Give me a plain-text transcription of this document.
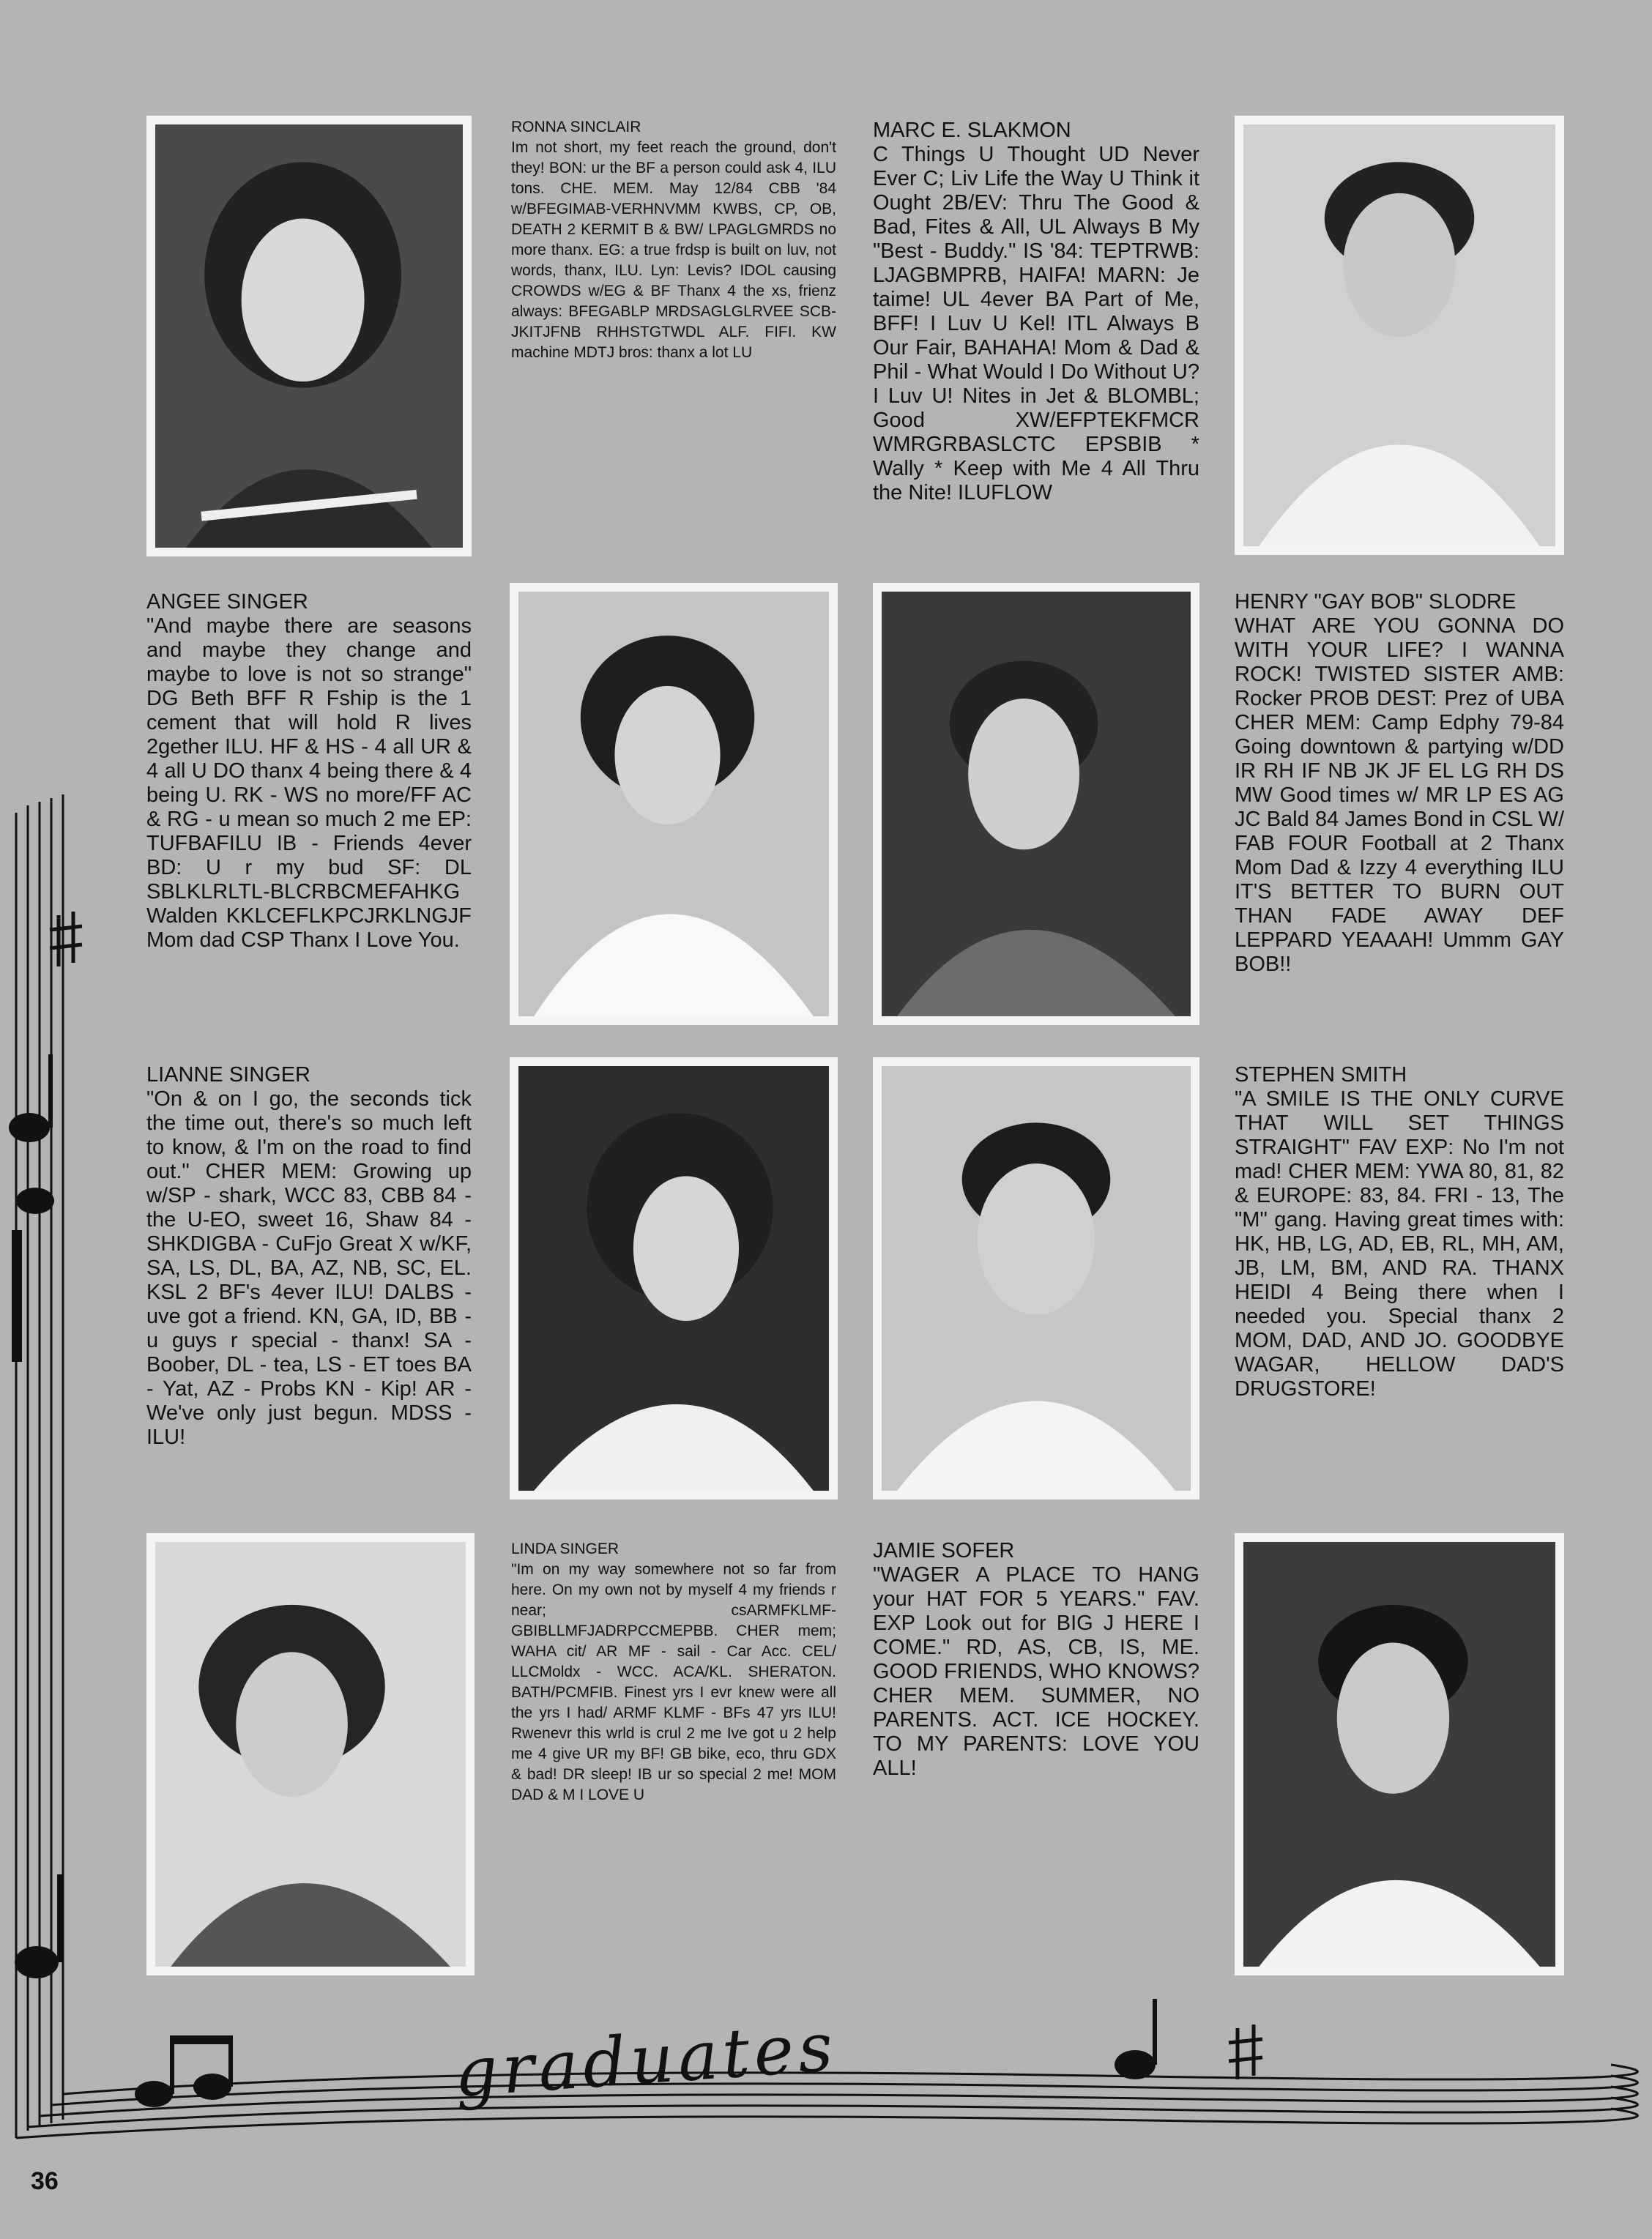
graduates
RONNA SINCLAIR
Im not short, my feet reach the ground, don't they! BON: ur the BF a person could ask 4, ILU tons. CHE. MEM. May 12/84 CBB '84 w/BFEGIMAB-VERHNVMM KWBS, CP, OB, DEATH 2 KERMIT B & BW/ LPAGLGMRDS no more thanx. EG: a true frdsp is built on luv, not words, thanx, ILU. Lyn: Levis? IDOL causing CROWDS w/EG & BF Thanx 4 the xs, frienz always: BFEGABLP MRDSAGLGLRVEE SCB-JKITJFNB RHHSTGTWDL ALF. FIFI. KW machine MDTJ bros: thanx a lot LU
MARC E. SLAKMON
C Things U Thought UD Never Ever C; Liv Life the Way U Think it Ought 2B/EV: Thru The Good & Bad, Fites & All, UL Always B My "Best - Buddy." IS '84: TEPTRWB: LJAGBMPRB, HAIFA! MARN: Je taime! UL 4ever BA Part of Me, BFF! I Luv U Kel! ITL Always B Our Fair, BAHAHA! Mom & Dad & Phil - What Would I Do Without U? I Luv U! Nites in Jet & BLOMBL; Good XW/EFPTEKFMCR WMRGRBASLCTC EPSBIB * Wally * Keep with Me 4 All Thru the Nite! ILUFLOW
ANGEE SINGER
"And maybe there are seasons and maybe they change and maybe to love is not so strange" DG Beth BFF R Fship is the 1 cement that will hold R lives 2gether ILU. HF & HS - 4 all UR & 4 all U DO thanx 4 being there & 4 being U. RK - WS no more/FF AC & RG - u mean so much 2 me EP: TUFBAFILU IB - Friends 4ever BD: U r my bud SF: DL SBLKLRLTL-BLCRBCMEFAHKG Walden KKLCEFLKPCJRKLNGJF Mom dad CSP Thanx I Love You.
HENRY "GAY BOB" SLODRE
WHAT ARE YOU GONNA DO WITH YOUR LIFE? I WANNA ROCK! TWISTED SISTER AMB: Rocker PROB DEST: Prez of UBA CHER MEM: Camp Edphy 79-84 Going downtown & partying w/DD IR RH IF NB JK JF EL LG RH DS MW Good times w/ MR LP ES AG JC Bald 84 James Bond in CSL W/ FAB FOUR Football at 2 Thanx Mom Dad & Izzy 4 everything ILU IT'S BETTER TO BURN OUT THAN FADE AWAY DEF LEPPARD YEAAAH! Ummm GAY BOB!!
LIANNE SINGER
"On & on I go, the seconds tick the time out, there's so much left to know, & I'm on the road to find out." CHER MEM: Growing up w/SP - shark, WCC 83, CBB 84 - the U-EO, sweet 16, Shaw 84 - SHKDIGBA - CuFjo Great X w/KF, SA, LS, DL, BA, AZ, NB, SC, EL. KSL 2 BF's 4ever ILU! DALBS - uve got a friend. KN, GA, ID, BB - u guys r special - thanx! SA - Boober, DL - tea, LS - ET toes BA - Yat, AZ - Probs KN - Kip! AR - We've only just begun. MDSS - ILU!
STEPHEN SMITH
"A SMILE IS THE ONLY CURVE THAT WILL SET THINGS STRAIGHT" FAV EXP: No I'm not mad! CHER MEM: YWA 80, 81, 82 & EUROPE: 83, 84. FRI - 13, The "M" gang. Having great times with: HK, HB, LG, AD, EB, RL, MH, AM, JB, LM, BM, AND RA. THANX HEIDI 4 Being there when I needed you. Special thanx 2 MOM, DAD, AND JO. GOODBYE WAGAR, HELLOW DAD'S DRUGSTORE!
LINDA SINGER
"Im on my way somewhere not so far from here. On my own not by myself 4 my friends r near; csARMFKLMF-GBIBLLMFJADRPCCMEPBB. CHER mem; WAHA cit/ AR MF - sail - Car Acc. CEL/ LLCMoldx - WCC. ACA/KL. SHERATON. BATH/PCMFIB. Finest yrs I evr knew were all the yrs I had/ ARMF KLMF - BFs 47 yrs ILU! Rwenevr this wrld is crul 2 me Ive got u 2 help me 4 give UR my BF! GB bike, eco, thru GDX & bad! DR sleep! IB ur so special 2 me! MOM DAD & M I LOVE U
JAMIE SOFER
"WAGER A PLACE TO HANG your HAT FOR 5 YEARS." FAV. EXP Look out for BIG J HERE I COME." RD, AS, CB, IS, ME. GOOD FRIENDS, WHO KNOWS? CHER MEM. SUMMER, NO PARENTS. ACT. ICE HOCKEY. TO MY PARENTS: LOVE YOU ALL!
36
